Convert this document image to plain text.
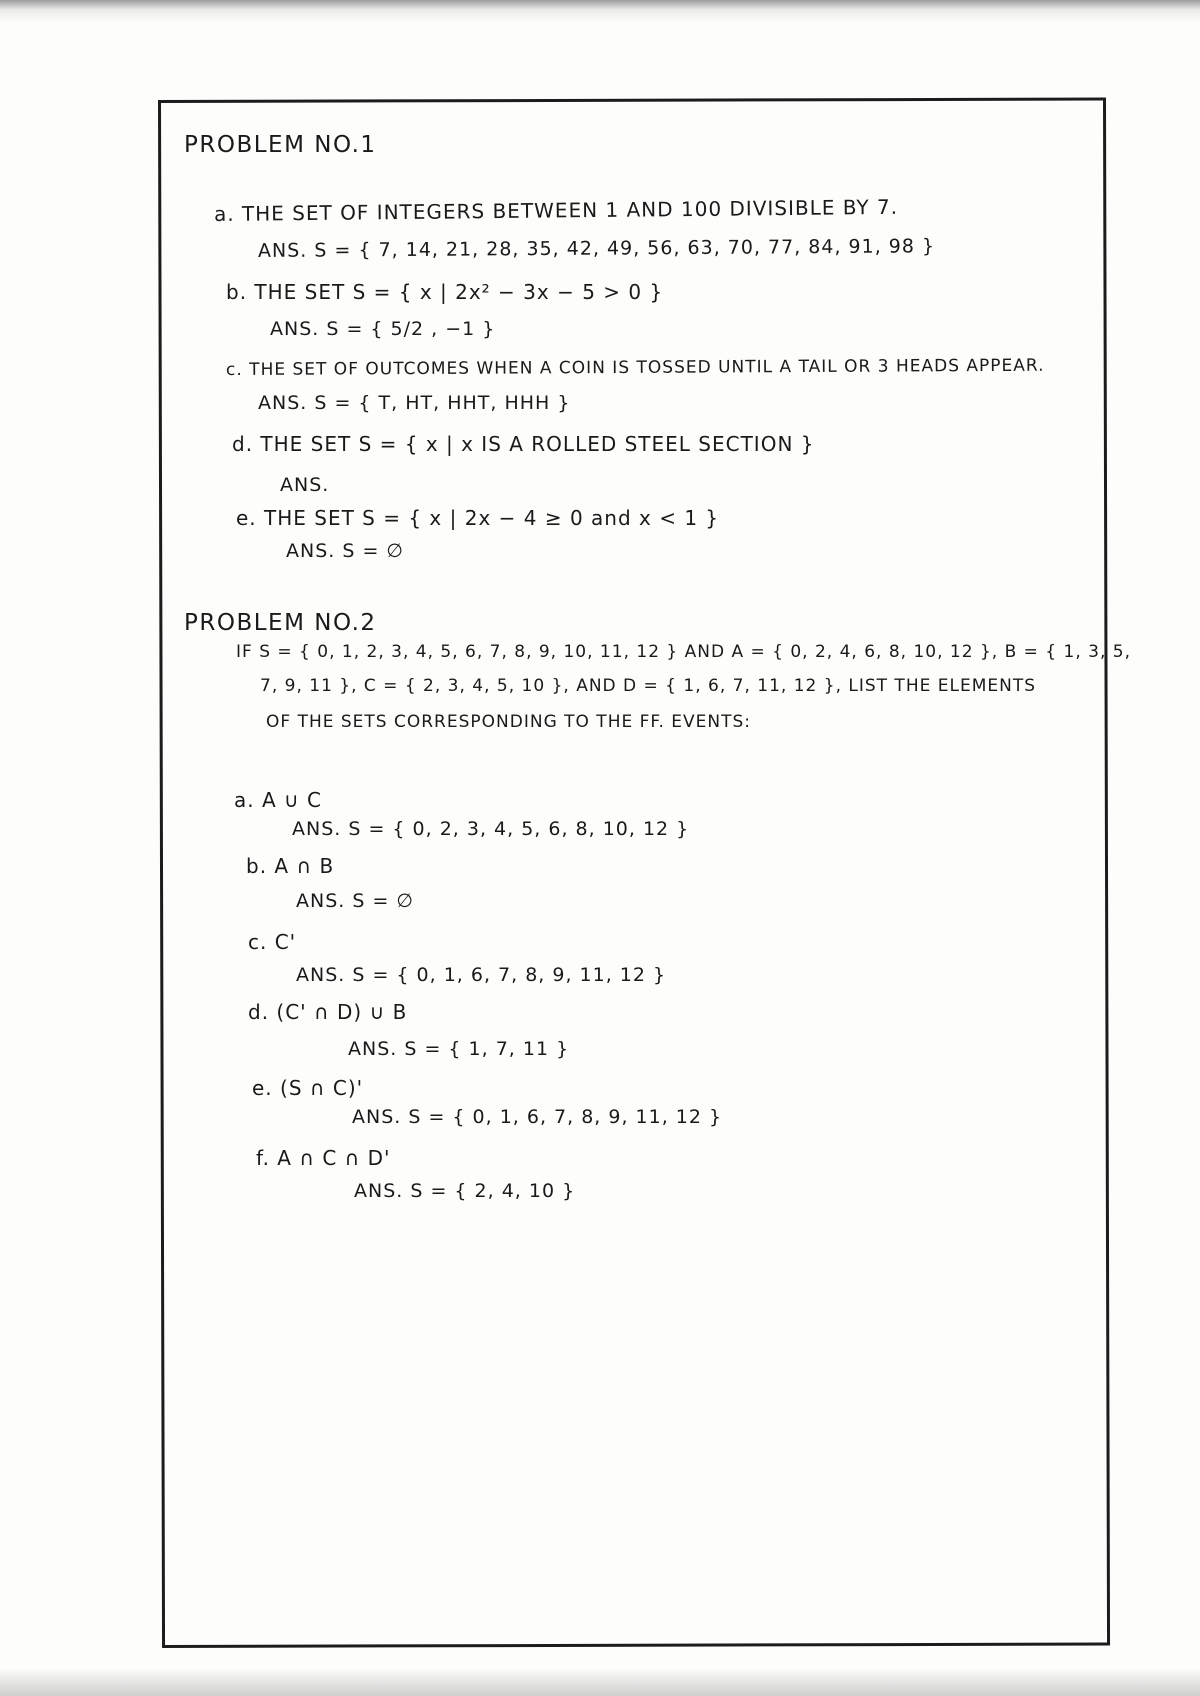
PROBLEM NO.1
a. THE SET OF INTEGERS BETWEEN 1 AND 100 DIVISIBLE BY 7.
ANS. S = { 7, 14, 21, 28, 35, 42, 49, 56, 63, 70, 77, 84, 91, 98 }
b. THE SET S = { x | 2x² − 3x − 5 > 0 }
ANS. S = { 5/2 , −1 }
c. THE SET OF OUTCOMES WHEN A COIN IS TOSSED UNTIL A TAIL OR 3 HEADS APPEAR.
ANS. S = { T, HT, HHT, HHH }
d. THE SET S = { x | x IS A ROLLED STEEL SECTION }
ANS.
e. THE SET S = { x | 2x − 4 ≥ 0 and x < 1 }
ANS. S = ∅
PROBLEM NO.2
IF S = { 0, 1, 2, 3, 4, 5, 6, 7, 8, 9, 10, 11, 12 } AND A = { 0, 2, 4, 6, 8, 10, 12 }, B = { 1, 3, 5,
7, 9, 11 }, C = { 2, 3, 4, 5, 10 }, AND D = { 1, 6, 7, 11, 12 }, LIST THE ELEMENTS
OF THE SETS CORRESPONDING TO THE FF. EVENTS:
a. A ∪ C
ANS. S = { 0, 2, 3, 4, 5, 6, 8, 10, 12 }
b. A ∩ B
ANS. S = ∅
c. C'
ANS. S = { 0, 1, 6, 7, 8, 9, 11, 12 }
d. (C' ∩ D) ∪ B
ANS. S = { 1, 7, 11 }
e. (S ∩ C)'
ANS. S = { 0, 1, 6, 7, 8, 9, 11, 12 }
f. A ∩ C ∩ D'
ANS. S = { 2, 4, 10 }
